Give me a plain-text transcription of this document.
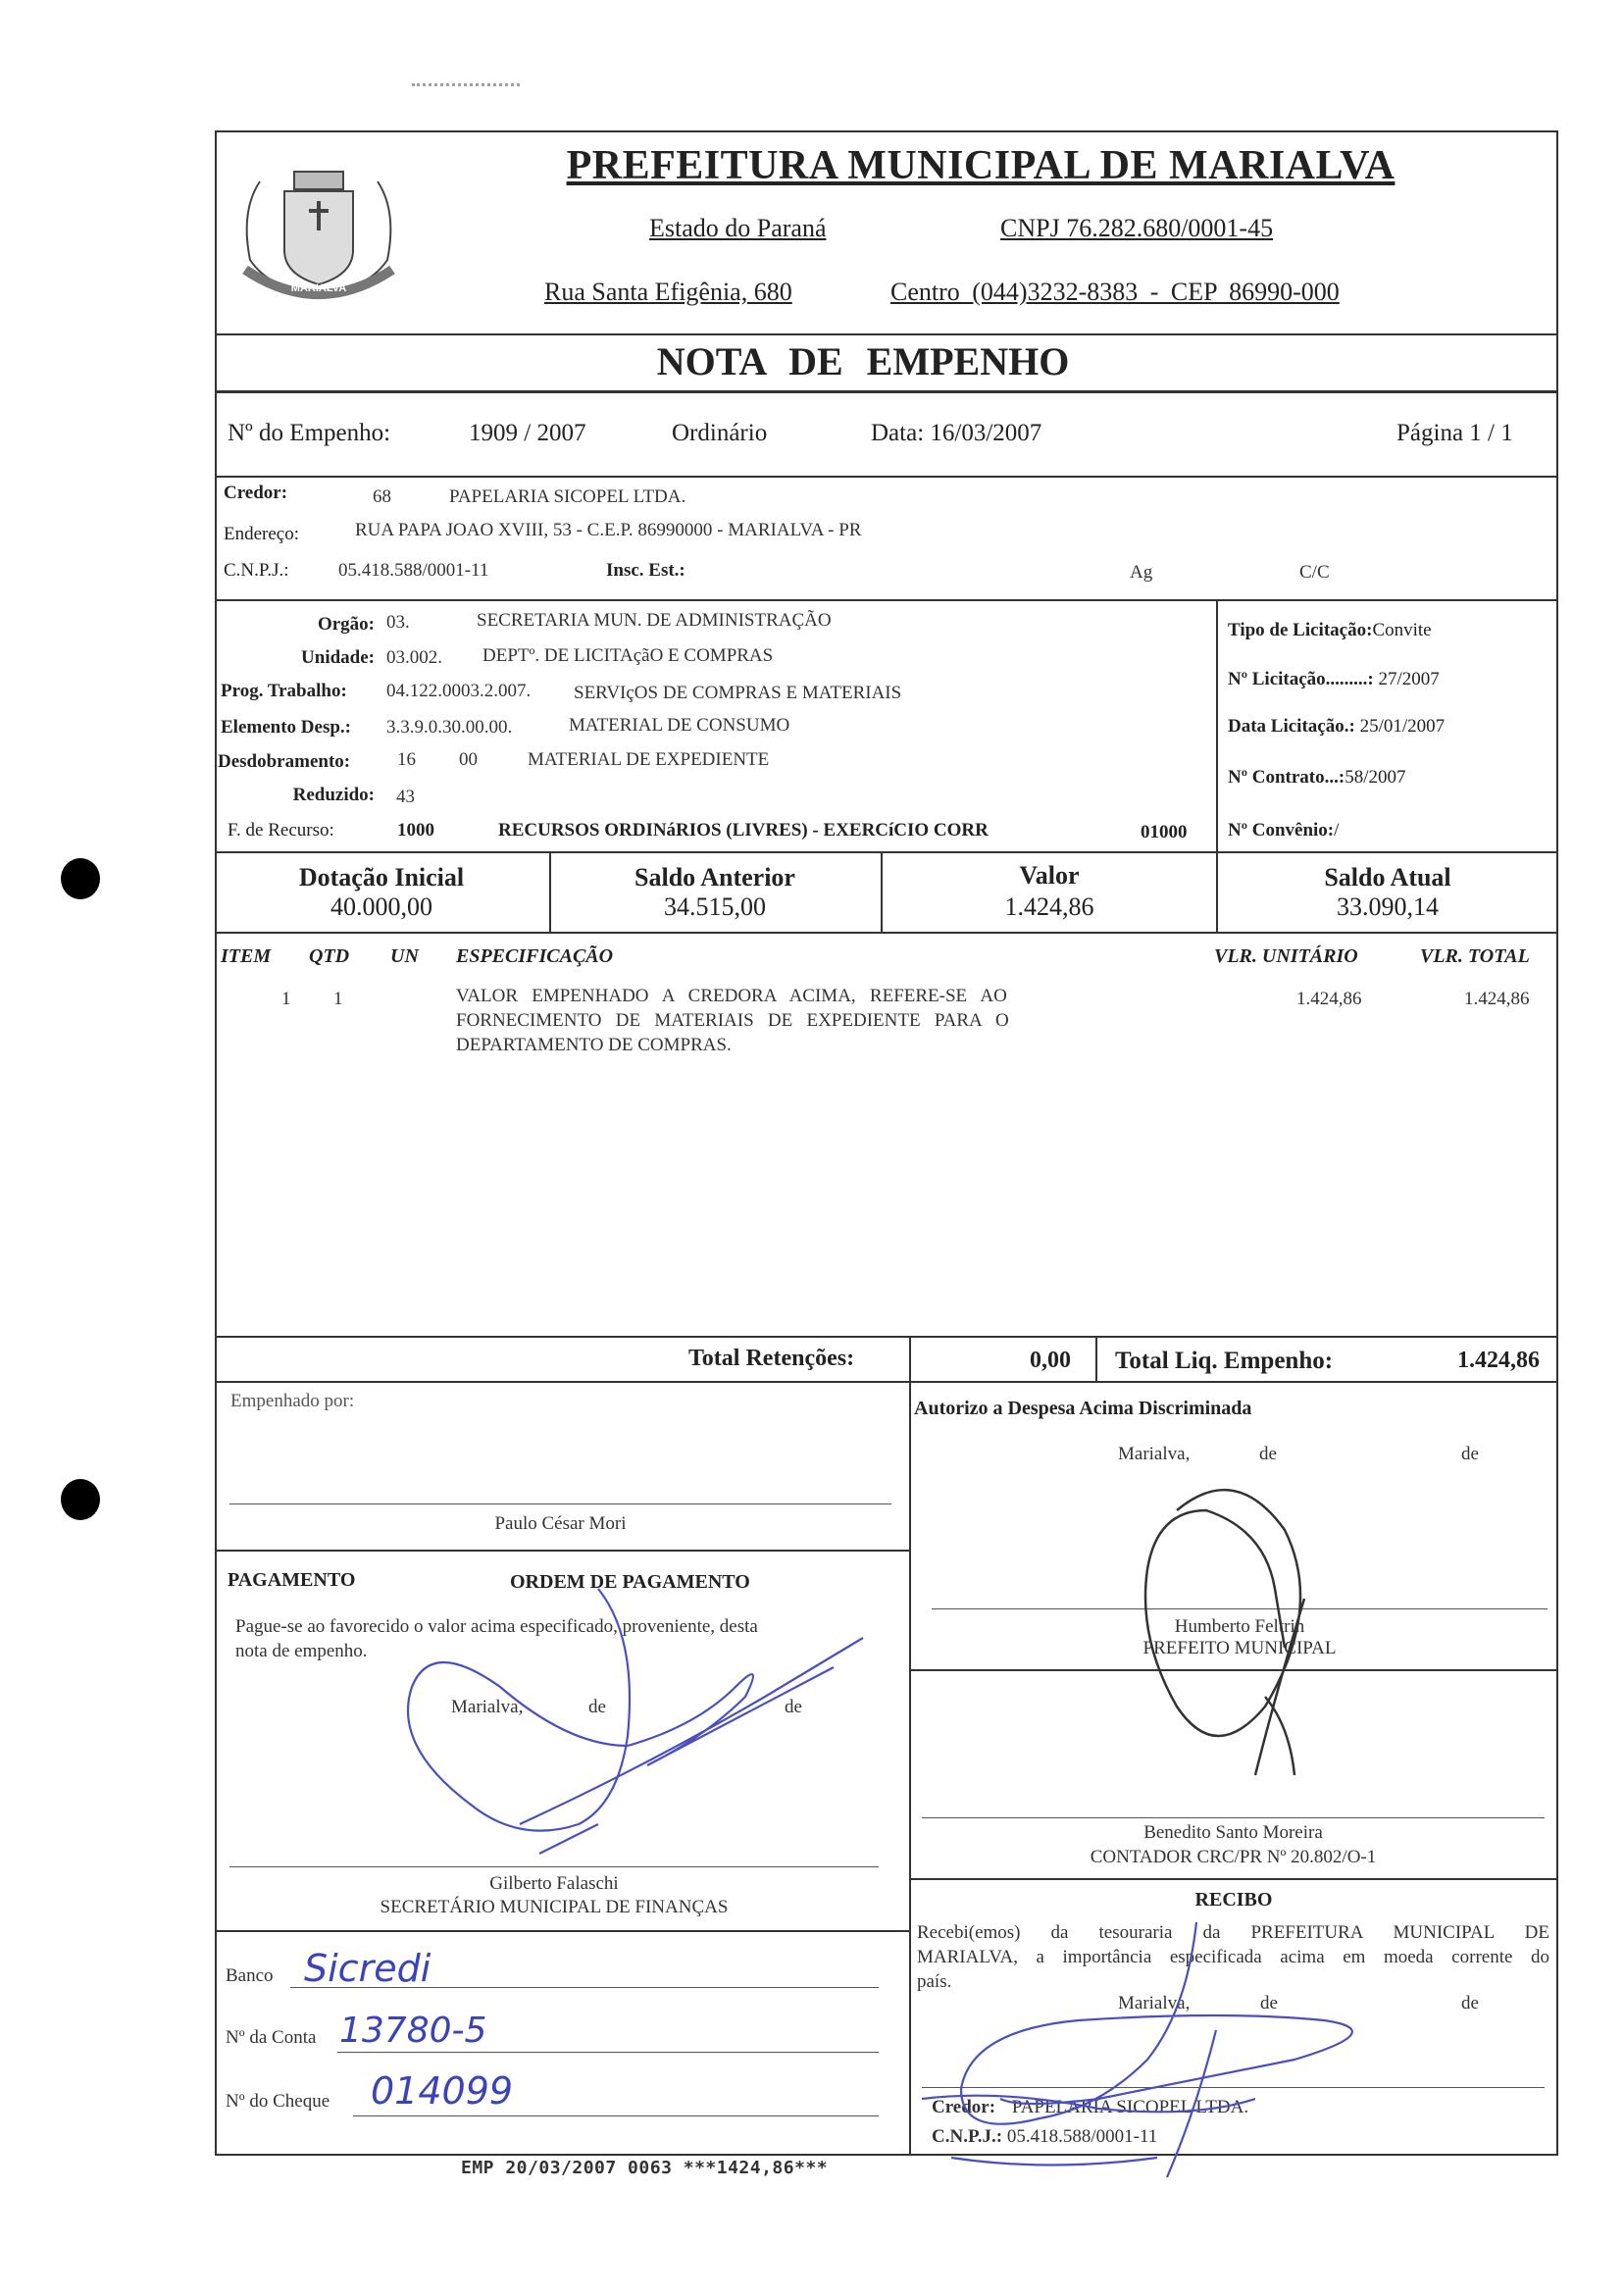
MARIALVA
PREFEITURA MUNICIPAL DE MARIALVA
Estado do Paraná	CNPJ 76.282.680/0001-45
Rua Santa Efigênia, 680	Centro (044)3232-8383 - CEP 86990-000
NOTA DE EMPENHO
Nº do Empenho:	1909 / 2007	Ordinário	Data: 16/03/2007	Página 1 / 1
Credor:	68	PAPELARIA SICOPEL LTDA.
Endereço:	RUA PAPA JOAO XVIII, 53 - C.E.P. 86990000 - MARIALVA - PR
C.N.P.J.:	05.418.588/0001-11	Insc. Est.:	Ag	C/C
Orgão: 03.	SECRETARIA MUN. DE ADMINISTRAÇÃO
Unidade: 03.002. DEPTº. DE LICITAçãO E COMPRAS
Prog. Trabalho: 04.122.0003.2.007. SERVIçOS DE COMPRAS E MATERIAIS
Elemento Desp.: 3.3.9.0.30.00.00.	MATERIAL DE CONSUMO
Desdobramento:	16 00	MATERIAL DE EXPEDIENTE
Reduzido: 43
F. de Recurso:	1000	RECURSOS ORDINáRIOS (LIVRES) - EXERCíCIO CORR	01000
Tipo de Licitação:Convite
Nº Licitação.........: 27/2007
Data Licitação.: 25/01/2007
Nº Contrato...:58/2007
Nº Convênio:/
Dotação Inicial
40.000,00
Saldo Anterior
34.515,00
Valor
1.424,86
Saldo Atual
33.090,14
ITEM QTD UN ESPECIFICAÇÃO	VLR. UNITÁRIO	VLR. TOTAL
1 1	VALOR   EMPENHADO   A   CREDORA   ACIMA,   REFERE-SE   AO
FORNECIMENTO   DE   MATERIAIS   DE   EXPEDIENTE   PARA   O
DEPARTAMENTO DE COMPRAS.
1.424,86	1.424,86
Total Retenções:	0,00 Total Liq. Empenho:	1.424,86
Empenhado por:
Paulo César Mori
Autorizo a Despesa Acima Discriminada
Marialva,	de	de
Humberto Feltrin
PREFEITO MUNICIPAL
PAGAMENTO	ORDEM DE PAGAMENTO
Pague-se ao favorecido o valor acima especificado, proveniente, desta
nota de empenho.
Marialva,	de	de
Gilberto Falaschi
SECRETÁRIO MUNICIPAL DE FINANÇAS
Benedito Santo Moreira
CONTADOR CRC/PR Nº 20.802/O-1
RECIBO
Recebi(emos) da tesouraria da PREFEITURA MUNICIPAL DE
MARIALVA, a importância especificada acima em moeda corrente do
país.
Marialva,	de	de
Credor: PAPELARIA SICOPEL LTDA.
C.N.P.J.: 05.418.588/0001-11
Banco Sicredi
Nº da Conta 13780-5
Nº do Cheque 014099
EMP 20/03/2007 0063 ***1424,86***
